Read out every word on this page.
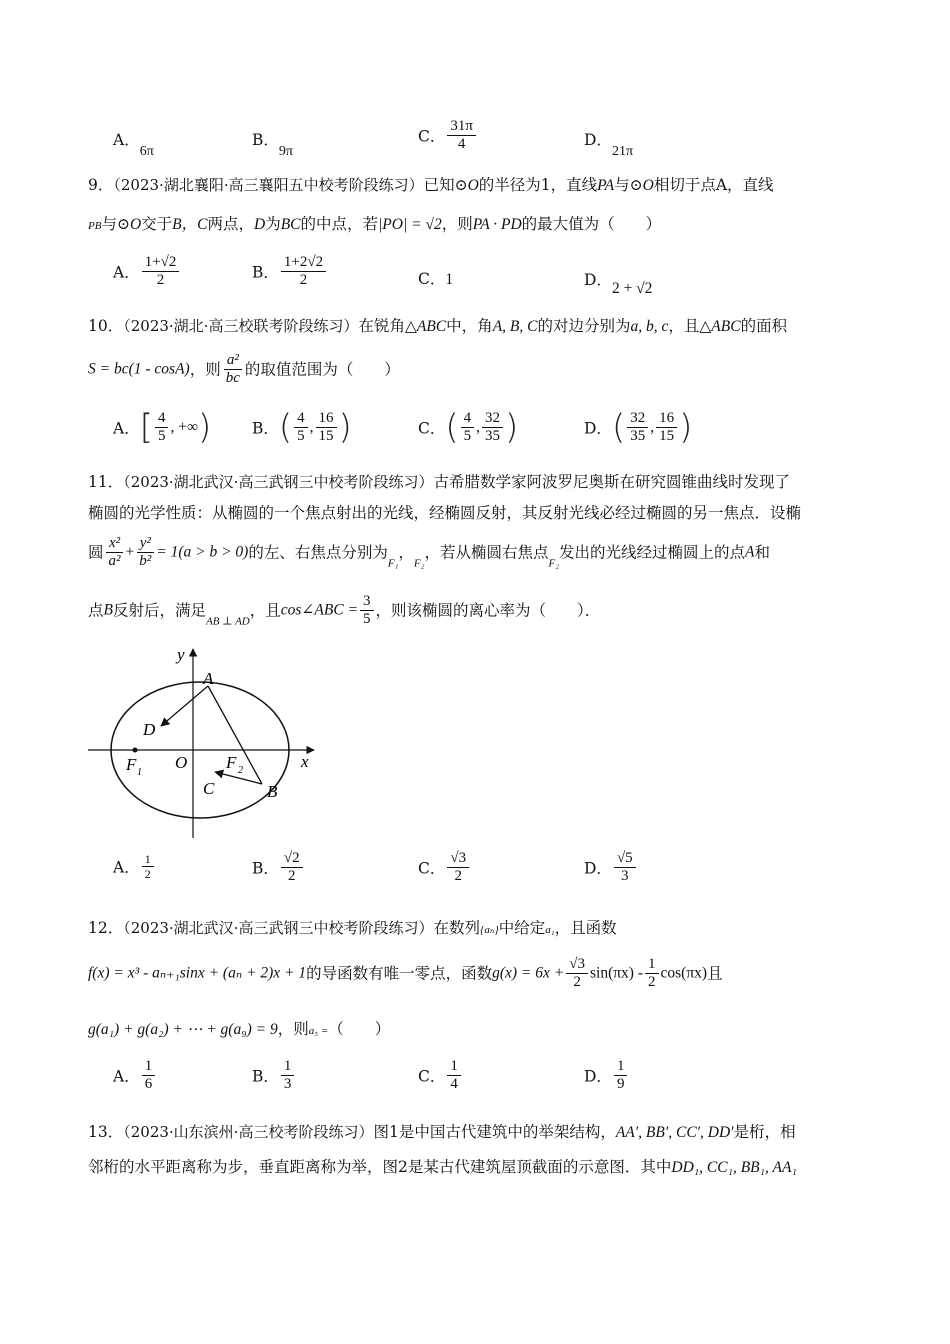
A．6π
B．9π
C． $\frac{31\pi}{4}$	D．21π
9．（2023·湖北襄阳·高三襄阳五中校考阶段练习）已知⊙O的半径为1，直线PA与⊙O相切于点A，直线
PB与⊙O交于B，C两点，D为BC的中点，若|PO| = √2，则PA · PD的最大值为（　　）
A． $\frac{1+√2}{2}$	B． $\frac{1+2√2}{2}$	C．1	D．2 + √2
10．（2023·湖北·高三校联考阶段练习）在锐角△ABC中，角A, B, C的对边分别为a, b, c，且△ABC的面积
S = bc(1 - cosA)，则 $\frac{\text{a²}}{bc}$ 的取值范围为（　　）
A．[ $\frac{4}{5}$ , +∞)	B．( $\frac{4}{5}$ , $\frac{16}{15}$ )	C．( $\frac{4}{5}$ , $\frac{32}{35}$ )	D．( $\frac{32}{35}$ , $\frac{16}{15}$ )
11．（2023·湖北武汉·高三武钢三中校考阶段练习）古希腊数学家阿波罗尼奥斯在研究圆锥曲线时发现了
椭圆的光学性质：从椭圆的一个焦点射出的光线，经椭圆反射，其反射光线必经过椭圆的另一焦点．设椭
圆 $\frac{\text{x²}}{\text{a²}} + \frac{\text{y²}}{\text{b²}} = 1(a > b > 0)$的左、右焦点分别为$_{F_1}$，$_{F_2}$，若从椭圆右焦点$_{F_2}$发出的光线经过椭圆上的点A和
点B反射后，满足$_{AB \perp AD}$，且cos∠ABC = $\frac{3}{5}$ ，则该椭圆的离心率为（　　）．
y
x
A
B
C
D
O
F 1
F 2
A． $\frac{1}{2}$	B． $\frac{√2}{2}$	C． $\frac{√3}{2}$	D． $\frac{√5}{3}$
12．（2023·湖北武汉·高三武钢三中校考阶段练习）在数列{aₙ}中给定a₁，且函数
f(x) = x³ - aₙ₊₁sinx + (aₙ + 2)x + 1的导函数有唯一零点，函数$g(x) = 6x + \frac{√3}{2} \sin(\pi x) - \frac{1}{2} \cos(\pi x)$且
g(a₁) + g(a₂) + ⋯ + g(a₉) = 9，则a₅ =（　　）
A． $\frac{1}{6}$	B． $\frac{1}{3}$	C． $\frac{1}{4}$	D． $\frac{1}{9}$
13．（2023·山东滨州·高三校考阶段练习）图1是中国古代建筑中的举架结构，AA′, BB′, CC′, DD′是桁，相
邻桁的水平距离称为步，垂直距离称为举，图2是某古代建筑屋顶截面的示意图．其中DD₁, CC₁, BB₁, AA₁
